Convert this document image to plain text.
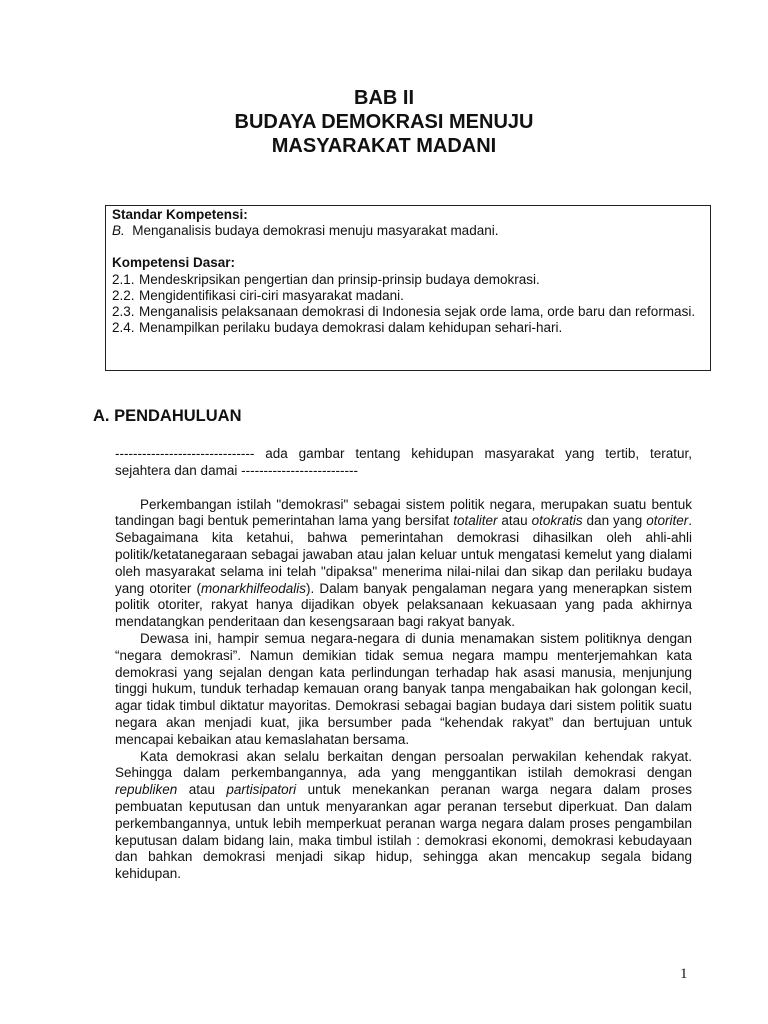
BAB II
BUDAYA DEMOKRASI MENUJU
MASYARAKAT MADANI
Standar Kompetensi:
B. Menganalisis budaya demokrasi menuju masyarakat madani.
Kompetensi Dasar:
2.1. Mendeskripsikan pengertian dan prinsip-prinsip budaya demokrasi.
2.2. Mengidentifikasi ciri-ciri masyarakat madani.
2.3. Menganalisis pelaksanaan demokrasi di Indonesia sejak orde lama, orde baru dan reformasi.
2.4. Menampilkan perilaku budaya demokrasi dalam kehidupan sehari-hari.
A. PENDAHULUAN

------------------------------- ada gambar tentang kehidupan masyarakat yang tertib, teratur, sejahtera dan damai --------------------------

Perkembangan istilah "demokrasi" sebagai sistem politik negara, merupakan suatu bentuk tandingan bagi bentuk pemerintahan lama yang bersifat totaliter atau otokratis dan yang otoriter. Sebagaimana kita ketahui, bahwa pemerintahan demokrasi dihasilkan oleh ahli-ahli politik/ketatanegaraan sebagai jawaban atau jalan keluar untuk mengatasi kemelut yang dialami oleh masyarakat selama ini telah "dipaksa" menerima nilai-nilai dan sikap dan perilaku budaya yang otoriter (monarkhilfeodalis). Dalam banyak pengalaman negara yang menerapkan sistem politik otoriter, rakyat hanya dijadikan obyek pelaksanaan kekuasaan yang pada akhirnya mendatangkan penderitaan dan kesengsaraan bagi rakyat banyak.

Dewasa ini, hampir semua negara-negara di dunia menamakan sistem politiknya dengan “negara demokrasi”. Namun demikian tidak semua negara mampu menterjemahkan kata demokrasi yang sejalan dengan kata perlindungan terhadap hak asasi manusia, menjunjung tinggi hukum, tunduk terhadap kemauan orang banyak tanpa mengabaikan hak golongan kecil, agar tidak timbul diktatur mayoritas. Demokrasi sebagai bagian budaya dari sistem politik suatu negara akan menjadi kuat, jika bersumber pada “kehendak rakyat” dan bertujuan untuk mencapai kebaikan atau kemaslahatan bersama.

Kata demokrasi akan selalu berkaitan dengan persoalan perwakilan kehendak rakyat. Sehingga dalam perkembangannya, ada yang menggantikan istilah demokrasi dengan republiken atau partisipatori untuk menekankan peranan warga negara dalam proses pembuatan keputusan dan untuk menyarankan agar peranan tersebut diperkuat. Dan dalam perkembangannya, untuk lebih memperkuat peranan warga negara dalam proses pengambilan keputusan dalam bidang lain, maka timbul istilah : demokrasi ekonomi, demokrasi kebudayaan dan bahkan demokrasi menjadi sikap hidup, sehingga akan mencakup segala bidang kehidupan.

1
